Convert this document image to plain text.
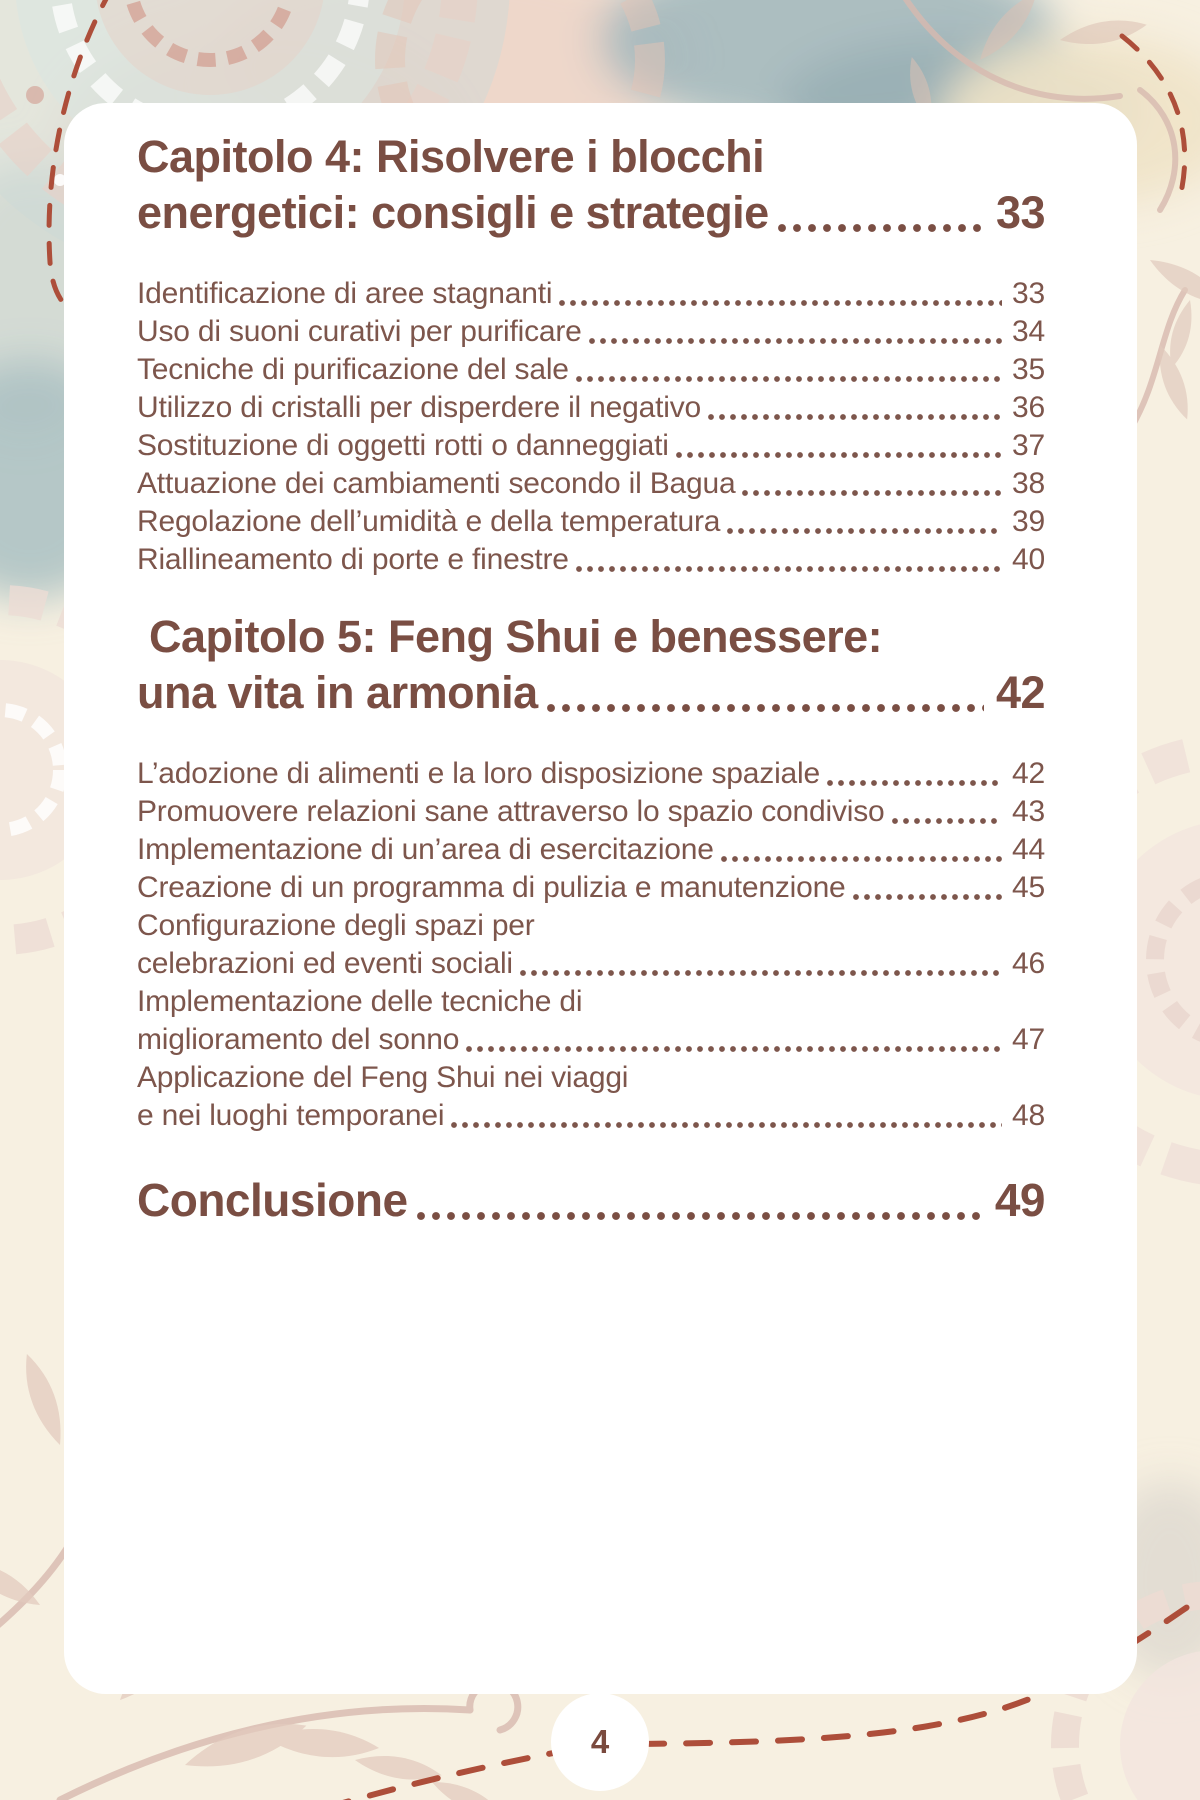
Capitolo 4: Risolvere i blocchi
energetici: consigli e strategie	33
Identificazione di aree stagnanti	33
Uso di suoni curativi per purificare	34
Tecniche di purificazione del sale	35
Utilizzo di cristalli per disperdere il negativo	36
Sostituzione di oggetti rotti o danneggiati	37
Attuazione dei cambiamenti secondo il Bagua	38
Regolazione dell’umidità e della temperatura	39
Riallineamento di porte e finestre	40
Capitolo 5: Feng Shui e benessere:
una vita in armonia	42
L’adozione di alimenti e la loro disposizione spaziale	42
Promuovere relazioni sane attraverso lo spazio condiviso	43
Implementazione di un’area di esercitazione	44
Creazione di un programma di pulizia e manutenzione	45
Configurazione degli spazi per
celebrazioni ed eventi sociali	46
Implementazione delle tecniche di
miglioramento del sonno	47
Applicazione del Feng Shui nei viaggi
e nei luoghi temporanei	48
Conclusione	49
4
